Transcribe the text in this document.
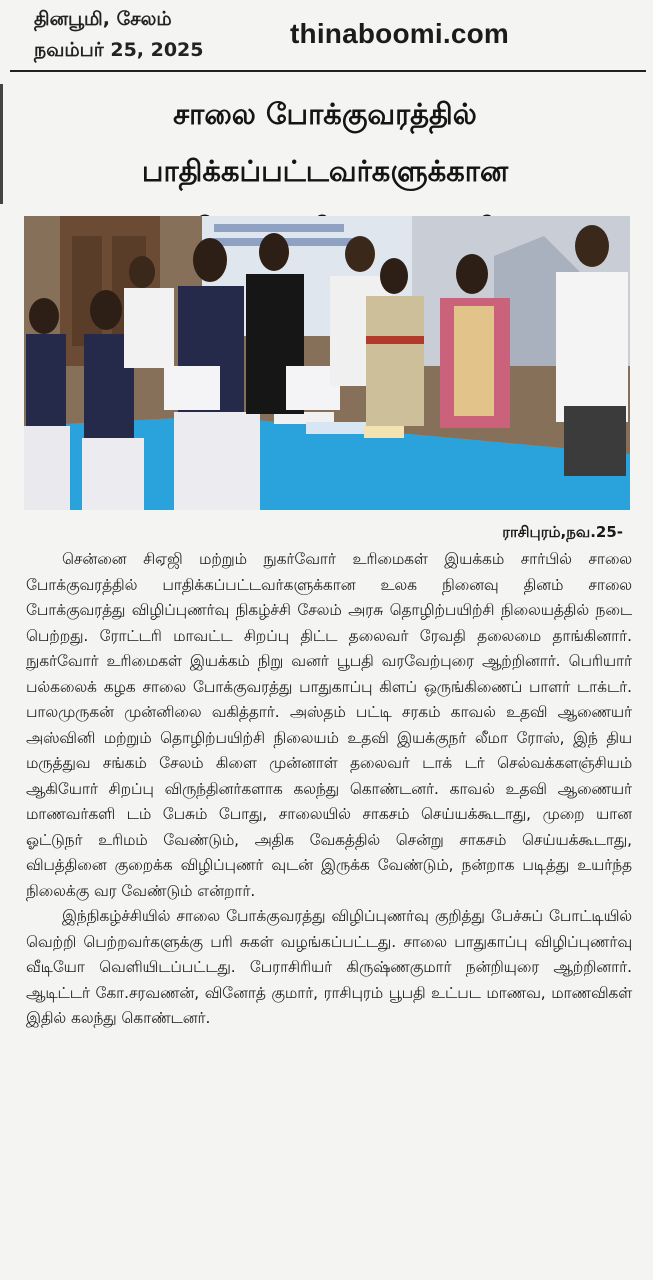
தினபூமி, சேலம்
நவம்பர் 25, 2025
thinaboomi.com
சாலை போக்குவரத்தில் பாதிக்கப்பட்டவர்களுக்கான
ராசிபுரம்,நவ.25-

சென்னை சிஏஜி மற்றும் நுகர்வோர் உரிமைகள் இயக்கம் சார்பில் சாலை போக்குவரத்தில் பாதிக்கப்பட்டவர்களுக்கான உலக நினைவு தினம் சாலை போக்குவரத்து விழிப்புணர்வு நிகழ்ச்சி சேலம் அரசு தொழிற்பயிற்சி நிலையத்தில் நடை பெற்றது. ரோட்டரி மாவட்ட சிறப்பு திட்ட தலைவர் ரேவதி தலைமை தாங்கினார். நுகர்வோர் உரிமைகள் இயக்கம் நிறு வனர் பூபதி வரவேற்புரை ஆற்றினார். பெரியார் பல்கலைக் கழக சாலை போக்குவரத்து பாதுகாப்பு கிளப் ஒருங்கிணைப் பாளர் டாக்டர். பாலமுருகன் முன்னிலை வகித்தார். அஸ்தம் பட்டி சரகம் காவல் உதவி ஆணையர் அஸ்வினி மற்றும் தொழிற்பயிற்சி நிலையம் உதவி இயக்குநர் லீமா ரோஸ், இந் திய மருத்துவ சங்கம் சேலம் கிளை முன்னாள் தலைவர் டாக் டர் செல்வக்களஞ்சியம் ஆகியோர் சிறப்பு விருந்தினர்களாக கலந்து கொண்டனர். காவல் உதவி ஆணையர் மாணவர்களி டம் பேசும் போது, சாலையில் சாகசம் செய்யக்கூடாது, முறை யான ஓட்டுநர் உரிமம் வேண்டும், அதிக வேகத்தில் சென்று சாகசம் செய்யக்கூடாது, விபத்தினை குறைக்க விழிப்புணர் வுடன் இருக்க வேண்டும், நன்றாக படித்து உயர்ந்த நிலைக்கு வர வேண்டும் என்றார்.

இந்நிகழ்ச்சியில் சாலை போக்குவரத்து விழிப்புணர்வு குறித்து பேச்சுப் போட்டியில் வெற்றி பெற்றவர்களுக்கு பரி சுகள் வழங்கப்பட்டது. சாலை பாதுகாப்பு விழிப்புணர்வு வீடியோ வெளியிடப்பட்டது. பேராசிரியர் கிருஷ்ணகுமார் நன்றியுரை ஆற்றினார். ஆடிட்டர் கோ.சரவணன், வினோத் குமார், ராசிபுரம் பூபதி உட்பட மாணவ, மாணவிகள் இதில் கலந்து கொண்டனர்.
